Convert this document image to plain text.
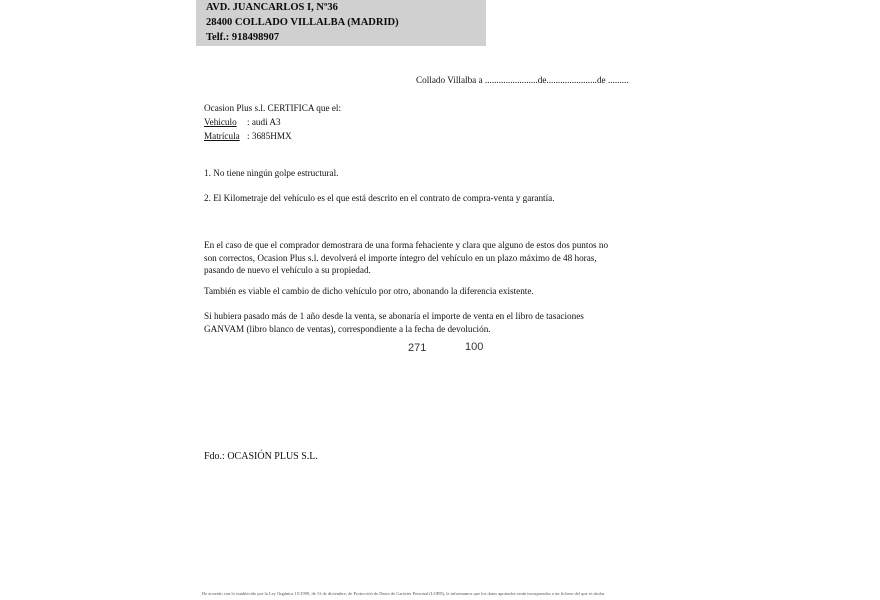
AVD. JUANCARLOS I, Nº36
28400 COLLADO VILLALBA (MADRID)
Telf.: 918498907
Collado Villalba a .......................de......................de .........
Ocasion Plus s.l. CERTIFICA que el:
Vehiculo : audi A3
Matrícula : 3685HMX
1. No tiene ningún golpe estructural.
2. El Kilometraje del vehículo es el que está descrito en el contrato de compra-venta y garantía.
En el caso de que el comprador demostrara de una forma fehaciente y clara que alguno de estos dos puntos no
son correctos, Ocasion Plus s.l. devolverá el importe íntegro del vehículo en un plazo máximo de 48 horas,
pasando de nuevo el vehículo a su propiedad.
También es viable el cambio de dicho vehículo por otro, abonando la diferencia existente.
Si hubiera pasado más de 1 año desde la venta, se abonaría el importe de venta en el libro de tasaciones
GANVAM (libro blanco de ventas), correspondiente a la fecha de devolución.
271	100
Fdo.: OCASIÓN PLUS S.L.
De acuerdo con lo establecido por la Ley Orgánica 15/1999, de 13 de diciembre, de Protección de Datos de Carácter Personal (LOPD), le informamos que los datos aportados serán incorporados a un fichero del que es titular
